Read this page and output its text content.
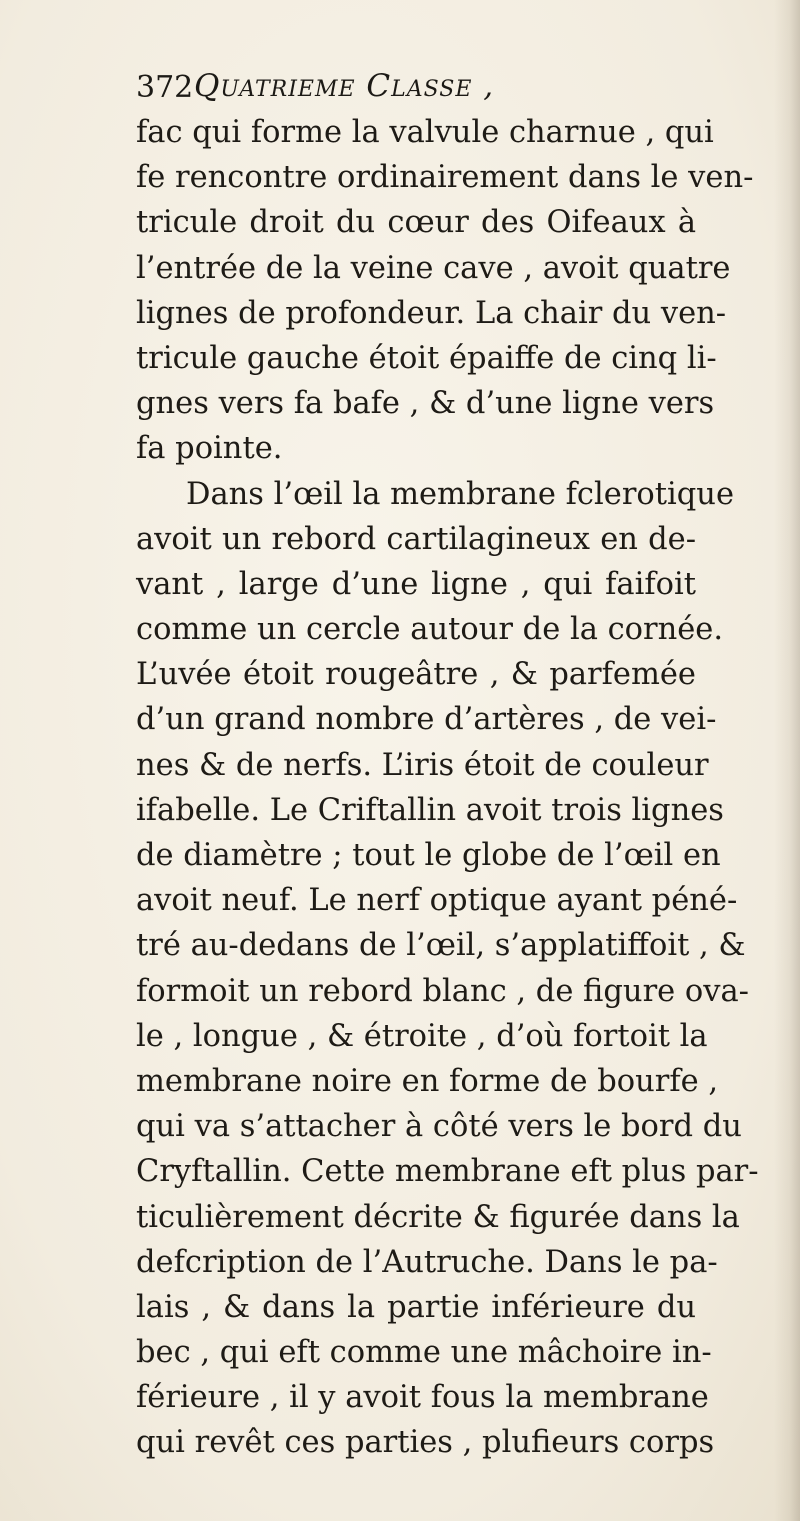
372 Quatrieme Classe ,
fac qui forme la valvule charnue , qui
fe rencontre ordinairement dans le ven-
tricule droit du cœur des Oifeaux à
l’entrée de la veine cave , avoit quatre
lignes de profondeur. La chair du ven-
tricule gauche étoit épaiffe de cinq li-
gnes vers fa bafe , & d’une ligne vers
fa pointe.
Dans l’œil la membrane fclerotique
avoit un rebord cartilagineux en de-
vant , large d’une ligne , qui faifoit
comme un cercle autour de la cornée.
L’uvée étoit rougeâtre , & parfemée
d’un grand nombre d’artères , de vei-
nes & de nerfs. L’iris étoit de couleur
ifabelle. Le Criftallin avoit trois lignes
de diamètre ; tout le globe de l’œil en
avoit neuf. Le nerf optique ayant péné-
tré au-dedans de l’œil, s’applatiffoit , &
formoit un rebord blanc , de figure ova-
le , longue , & étroite , d’où fortoit la
membrane noire en forme de bourfe ,
qui va s’attacher à côté vers le bord du
Cryftallin. Cette membrane eft plus par-
ticulièrement décrite & figurée dans la
defcription de l’Autruche. Dans le pa-
lais , & dans la partie inférieure du
bec , qui eft comme une mâchoire in-
férieure , il y avoit fous la membrane
qui revêt ces parties , plufieurs corps
